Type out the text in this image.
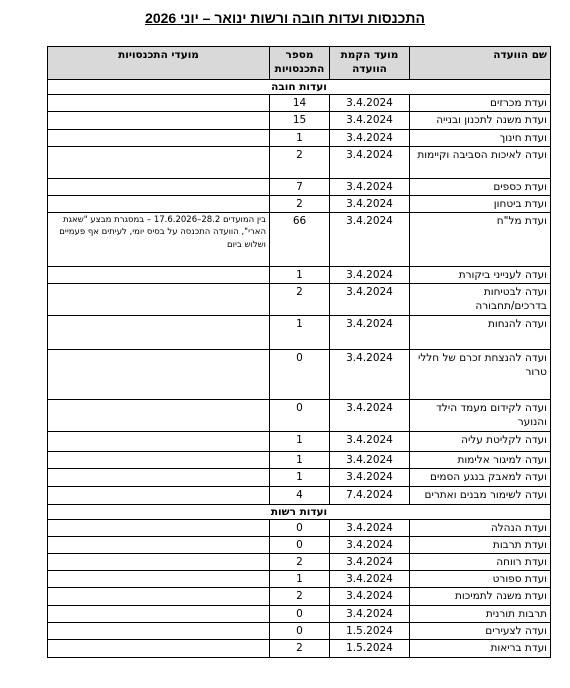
התכנסות ועדות חובה ורשות ינואר – יוני 2026
שם הוועדה	מועד הקמת הוועדה	מספר התכנסויות	מועדי התכנסויות
ועדות חובה			
ועדת מכרזים	3.4.2024	14	
ועדת משנה לתכנון ובנייה	3.4.2024	15	
ועדת חינוך	3.4.2024	1	
ועדה לאיכות הסביבה וקיימות	3.4.2024	2	
ועדת כספים	3.4.2024	7	
ועדת ביטחון	3.4.2024	2	
ועדת מל"ח	3.4.2024	66	בין המועדים 28.2–17.6.2026 – במסגרת מבצע "שאגת הארי", הוועדה התכנסה על בסיס יומי, לעיתים אף פעמיים ושלוש ביום
ועדה לענייני ביקורת	3.4.2024	1	
ועדה לבטיחות בדרכים/תחבורה	3.4.2024	2	
ועדה להנחות	3.4.2024	1	
ועדה להנצחת זכרם של חללי טרור	3.4.2024	0	
ועדה לקידום מעמד הילד והנוער	3.4.2024	0	
ועדה לקליטת עליה	3.4.2024	1	
ועדה למיגור אלימות	3.4.2024	1	
ועדה למאבק בנגע הסמים	3.4.2024	1	
ועדה לשימור מבנים ואתרים	7.4.2024	4	
ועדות רשות			
ועדת הנהלה	3.4.2024	0	
ועדת תרבות	3.4.2024	0	
ועדת רווחה	3.4.2024	2	
ועדת ספורט	3.4.2024	1	
ועדת משנה לתמיכות	3.4.2024	2	
תרבות תורנית	3.4.2024	0	
ועדה לצעירים	1.5.2024	0	
ועדת בריאות	1.5.2024	2	
